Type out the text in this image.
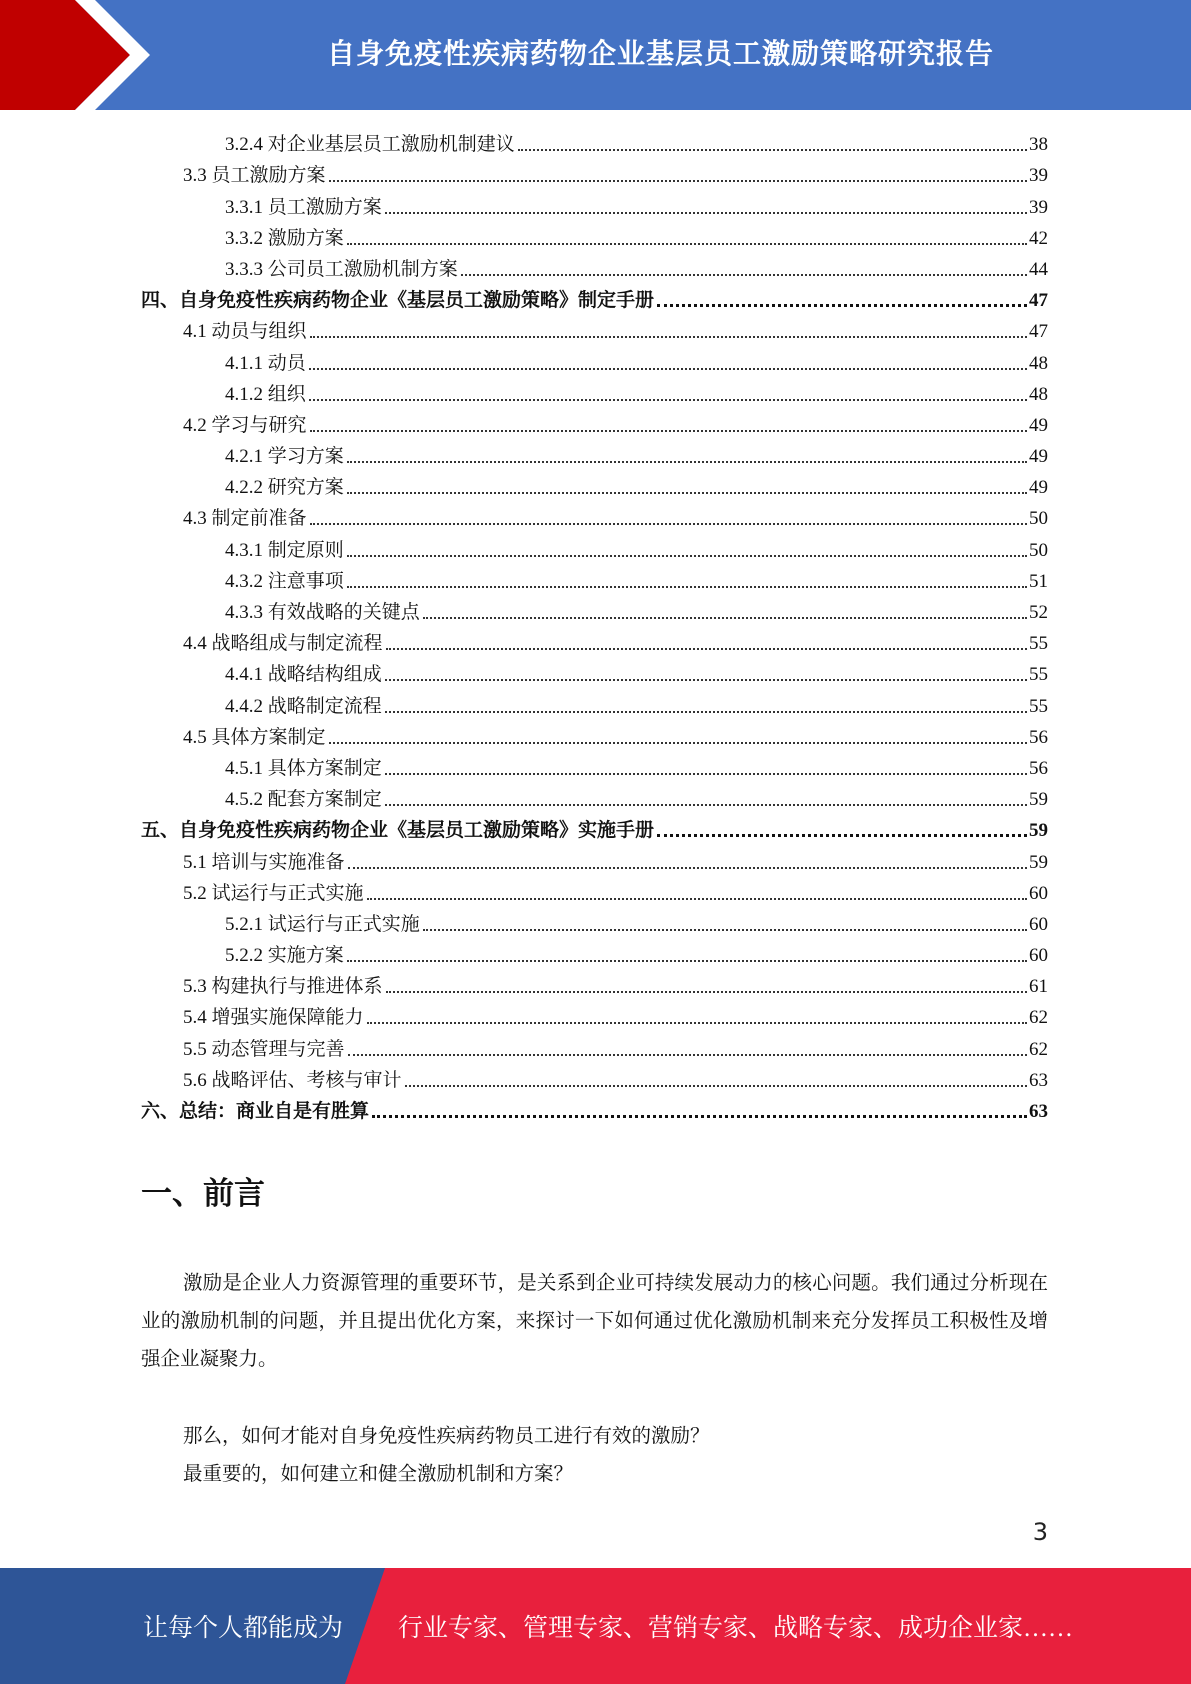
自身免疫性疾病药物企业基层员工激励策略研究报告
3.2.4 对企业基层员工激励机制建议	38
3.3 员工激励方案	39
3.3.1 员工激励方案	39
3.3.2 激励方案	42
3.3.3 公司员工激励机制方案	44
四、自身免疫性疾病药物企业《基层员工激励策略》制定手册	47
4.1 动员与组织	47
4.1.1 动员	48
4.1.2 组织	48
4.2 学习与研究	49
4.2.1 学习方案	49
4.2.2 研究方案	49
4.3 制定前准备	50
4.3.1 制定原则	50
4.3.2 注意事项	51
4.3.3 有效战略的关键点	52
4.4 战略组成与制定流程	55
4.4.1 战略结构组成	55
4.4.2 战略制定流程	55
4.5 具体方案制定	56
4.5.1 具体方案制定	56
4.5.2 配套方案制定	59
五、自身免疫性疾病药物企业《基层员工激励策略》实施手册	59
5.1 培训与实施准备	59
5.2 试运行与正式实施	60
5.2.1 试运行与正式实施	60
5.2.2 实施方案	60
5.3 构建执行与推进体系	61
5.4 增强实施保障能力	62
5.5 动态管理与完善	62
5.6 战略评估、考核与审计	63
六、总结：商业自是有胜算	63
一、前言

激励是企业人力资源管理的重要环节，是关系到企业可持续发展动力的核心问题。我们通过分析现在业的激励机制的问题，并且提出优化方案，来探讨一下如何通过优化激励机制来充分发挥员工积极性及增强企业凝聚力。

那么，如何才能对自身免疫性疾病药物员工进行有效的激励？
最重要的，如何建立和健全激励机制和方案？
3
让每个人都能成为 行业专家、管理专家、营销专家、战略专家、成功企业家……
